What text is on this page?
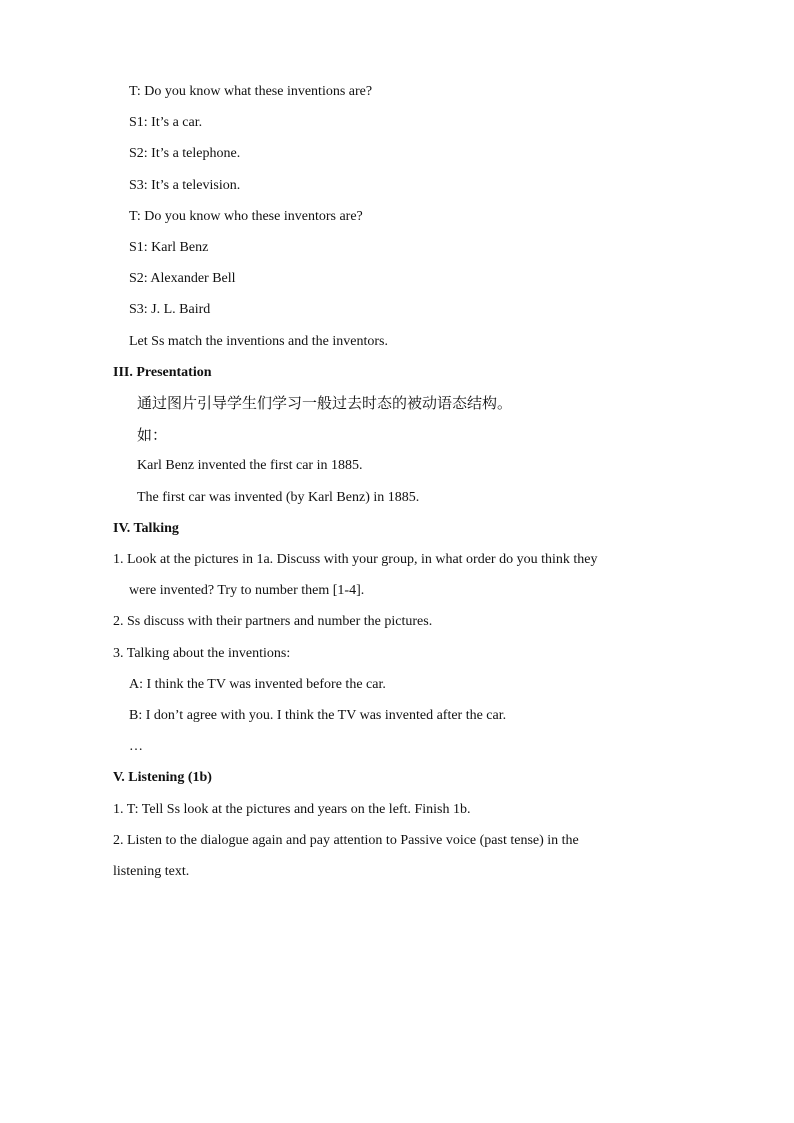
T: Do you know what these inventions are?
S1: It’s a car.
S2: It’s a telephone.
S3: It’s a television.
T: Do you know who these inventors are?
S1: Karl Benz
S2: Alexander Bell
S3: J. L. Baird
Let Ss match the inventions and the inventors.
III. Presentation
通过图片引导学生们学习一般过去时态的被动语态结构。
如：
Karl Benz invented the first car in 1885.
The first car was invented (by Karl Benz) in 1885.
IV. Talking
1. Look at the pictures in 1a. Discuss with your group, in what order do you think they
were invented? Try to number them [1-4].
2. Ss discuss with their partners and number the pictures.
3. Talking about the inventions:
A: I think the TV was invented before the car.
B: I don’t agree with you. I think the TV was invented after the car.
…
V. Listening (1b)
1. T: Tell Ss look at the pictures and years on the left. Finish 1b.
2. Listen to the dialogue again and pay attention to Passive voice (past tense) in the
listening text.
